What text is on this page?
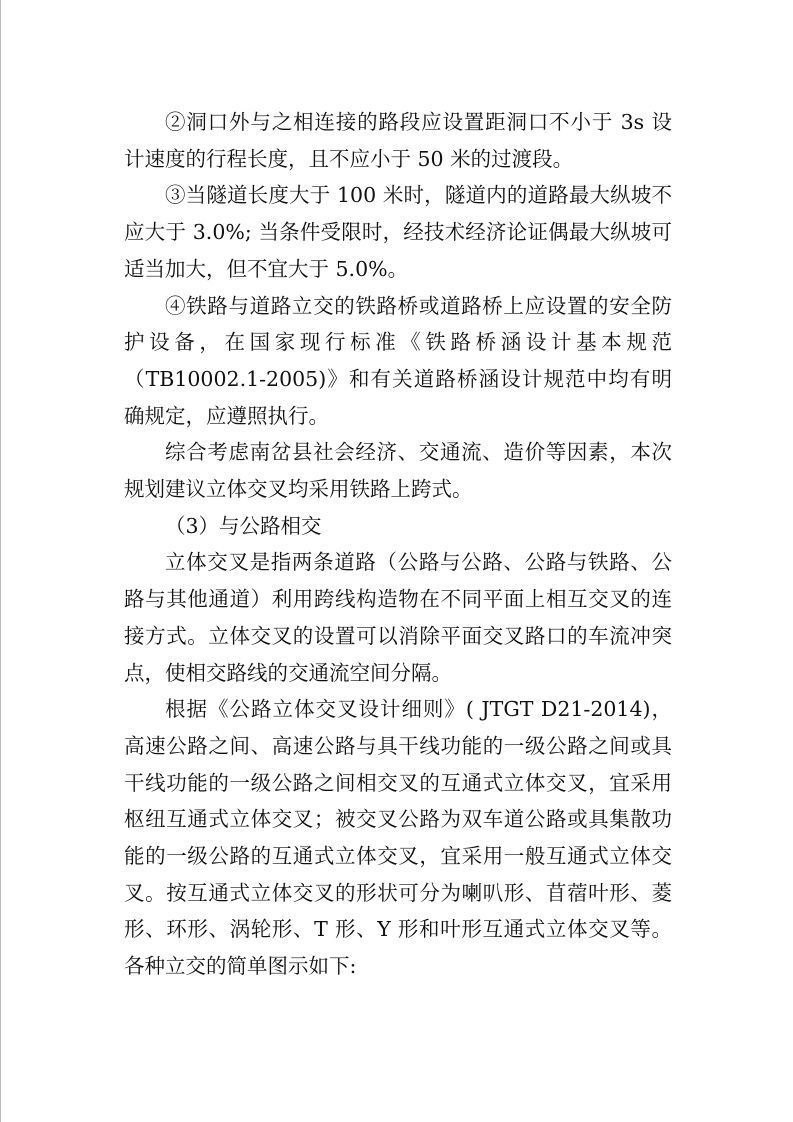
②洞口外与之相连接的路段应设置距洞口不小于 3s 设计速度的行程长度，且不应小于 50 米的过渡段。

③当隧道长度大于 100 米时，隧道内的道路最大纵坡不应大于 3.0%; 当条件受限时，经技术经济论证偶最大纵坡可适当加大，但不宜大于 5.0%。

④铁路与道路立交的铁路桥或道路桥上应设置的安全防护设备，在国家现行标准《铁路桥涵设计基本规范（TB10002.1-2005)》和有关道路桥涵设计规范中均有明确规定，应遵照执行。

综合考虑南岔县社会经济、交通流、造价等因素，本次规划建议立体交叉均采用铁路上跨式。

（3）与公路相交

立体交叉是指两条道路（公路与公路、公路与铁路、公路与其他通道）利用跨线构造物在不同平面上相互交叉的连接方式。立体交叉的设置可以消除平面交叉路口的车流冲突点，使相交路线的交通流空间分隔。

根据《公路立体交叉设计细则》( JTGT D21-2014)，高速公路之间、高速公路与具干线功能的一级公路之间或具干线功能的一级公路之间相交叉的互通式立体交叉，宜采用枢纽互通式立体交叉；被交叉公路为双车道公路或具集散功能的一级公路的互通式立体交叉，宜采用一般互通式立体交叉。按互通式立体交叉的形状可分为喇叭形、苜蓿叶形、菱形、环形、涡轮形、T 形、Y 形和叶形互通式立体交叉等。各种立交的简单图示如下:
